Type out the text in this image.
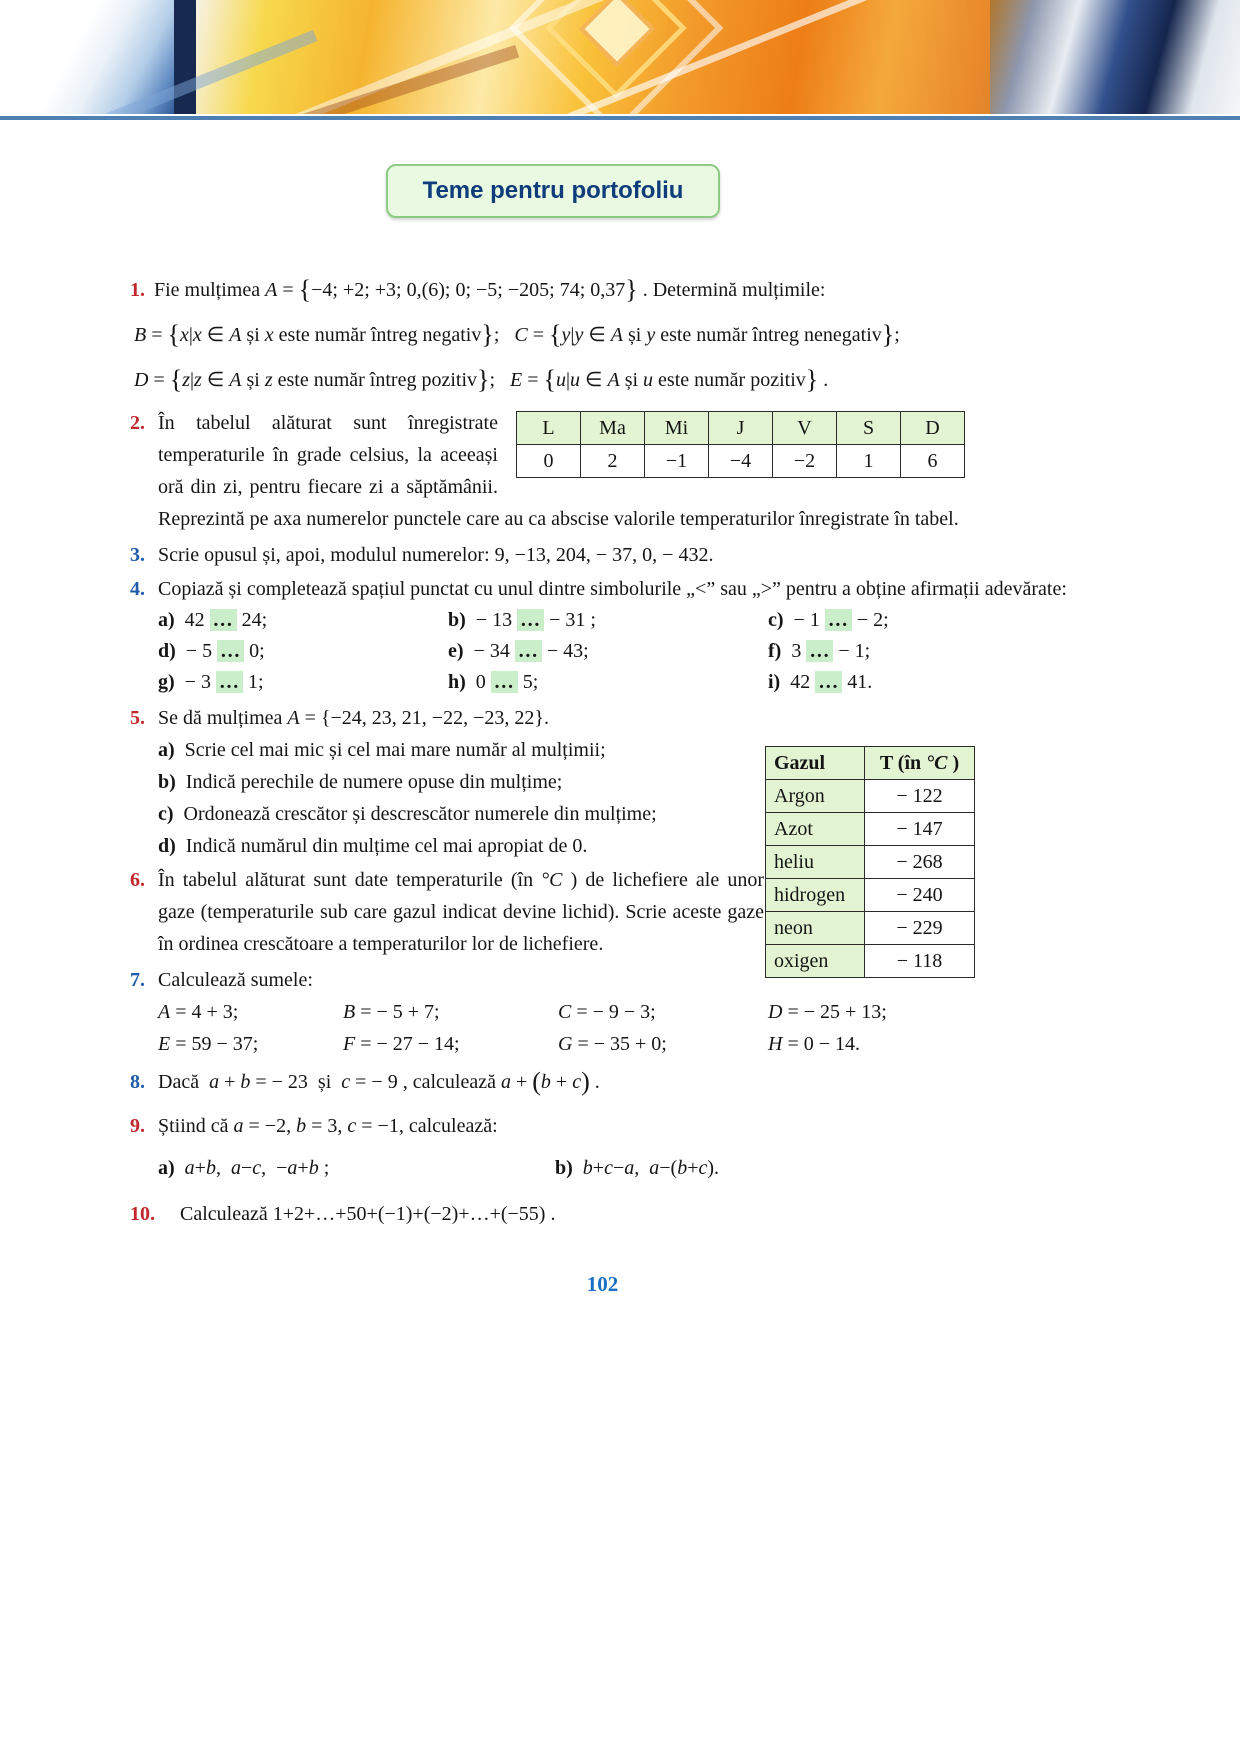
Teme pentru portofoliu
1. Fie mulțimea A = {−4; +2; +3; 0,(6); 0; −5; −205; 74; 0,37} . Determină mulțimile:
B = {x|x ∈ A și x este număr întreg negativ};   C = {y|y ∈ A și y este număr întreg nenegativ};
D = {z|z ∈ A și z este număr întreg pozitiv};   E = {u|u ∈ A și u este număr pozitiv} .
2.	L	Ma	Mi	J	V	S	D
0	2	−1	−4	−2	1	6

În tabelul alăturat sunt înregistrate temperaturile în grade celsius, la aceeași oră din zi, pentru fiecare zi a săptămânii. Reprezintă pe axa numerelor punctele care au ca abscise valorile temperaturilor înregistrate în tabel.

3. Scrie opusul și, apoi, modulul numerelor: 9, −13, 204, − 37, 0, − 432.
4. Copiază și completează spațiul punctat cu unul dintre simbolurile „<” sau „>” pentru a obține afirmații adevărate:

a) 42 … 24;	b) − 13 … − 31 ;	c) − 1 … − 2;
d) − 5 … 0;	e) − 34 … − 43;	f) 3 … − 1;
g) − 3 … 1;	h) 0 … 5;	i) 42 … 41.
5. Se dă mulțimea A = {−24, 23, 21, −22, −23, 22}.
a) Scrie cel mai mic și cel mai mare număr al mulțimii;
b) Indică perechile de numere opuse din mulțime;
c) Ordonează crescător și descrescător numerele din mulțime;
d) Indică numărul din mulțime cel mai apropiat de 0.
Gazul	T (în °C )
Argon	− 122
Azot	− 147
heliu	− 268
hidrogen	− 240
neon	− 229
oxigen	− 118
6. În tabelul alăturat sunt date temperaturile (în °C ) de lichefiere ale unor gaze (temperaturile sub care gazul indicat devine lichid). Scrie aceste gaze în ordinea crescătoare a temperaturilor lor de lichefiere.

7. Calculează sumele:
A = 4 + 3;	B = − 5 + 7;	C = − 9 − 3;	D = − 25 + 13;
E = 59 − 37;	F = − 27 − 14;	G = − 35 + 0;	H = 0 − 14.
8. Dacă  a + b = − 23  și  c = − 9 , calculează a + (b + c) .
9. Știind că a = −2, b = 3, c = −1, calculează:
a) a+b,  a−c,  −a+b ;	b) b+c−a,  a−(b+c).
10.	Calculează 1+2+…+50+(−1)+(−2)+…+(−55) .
102
